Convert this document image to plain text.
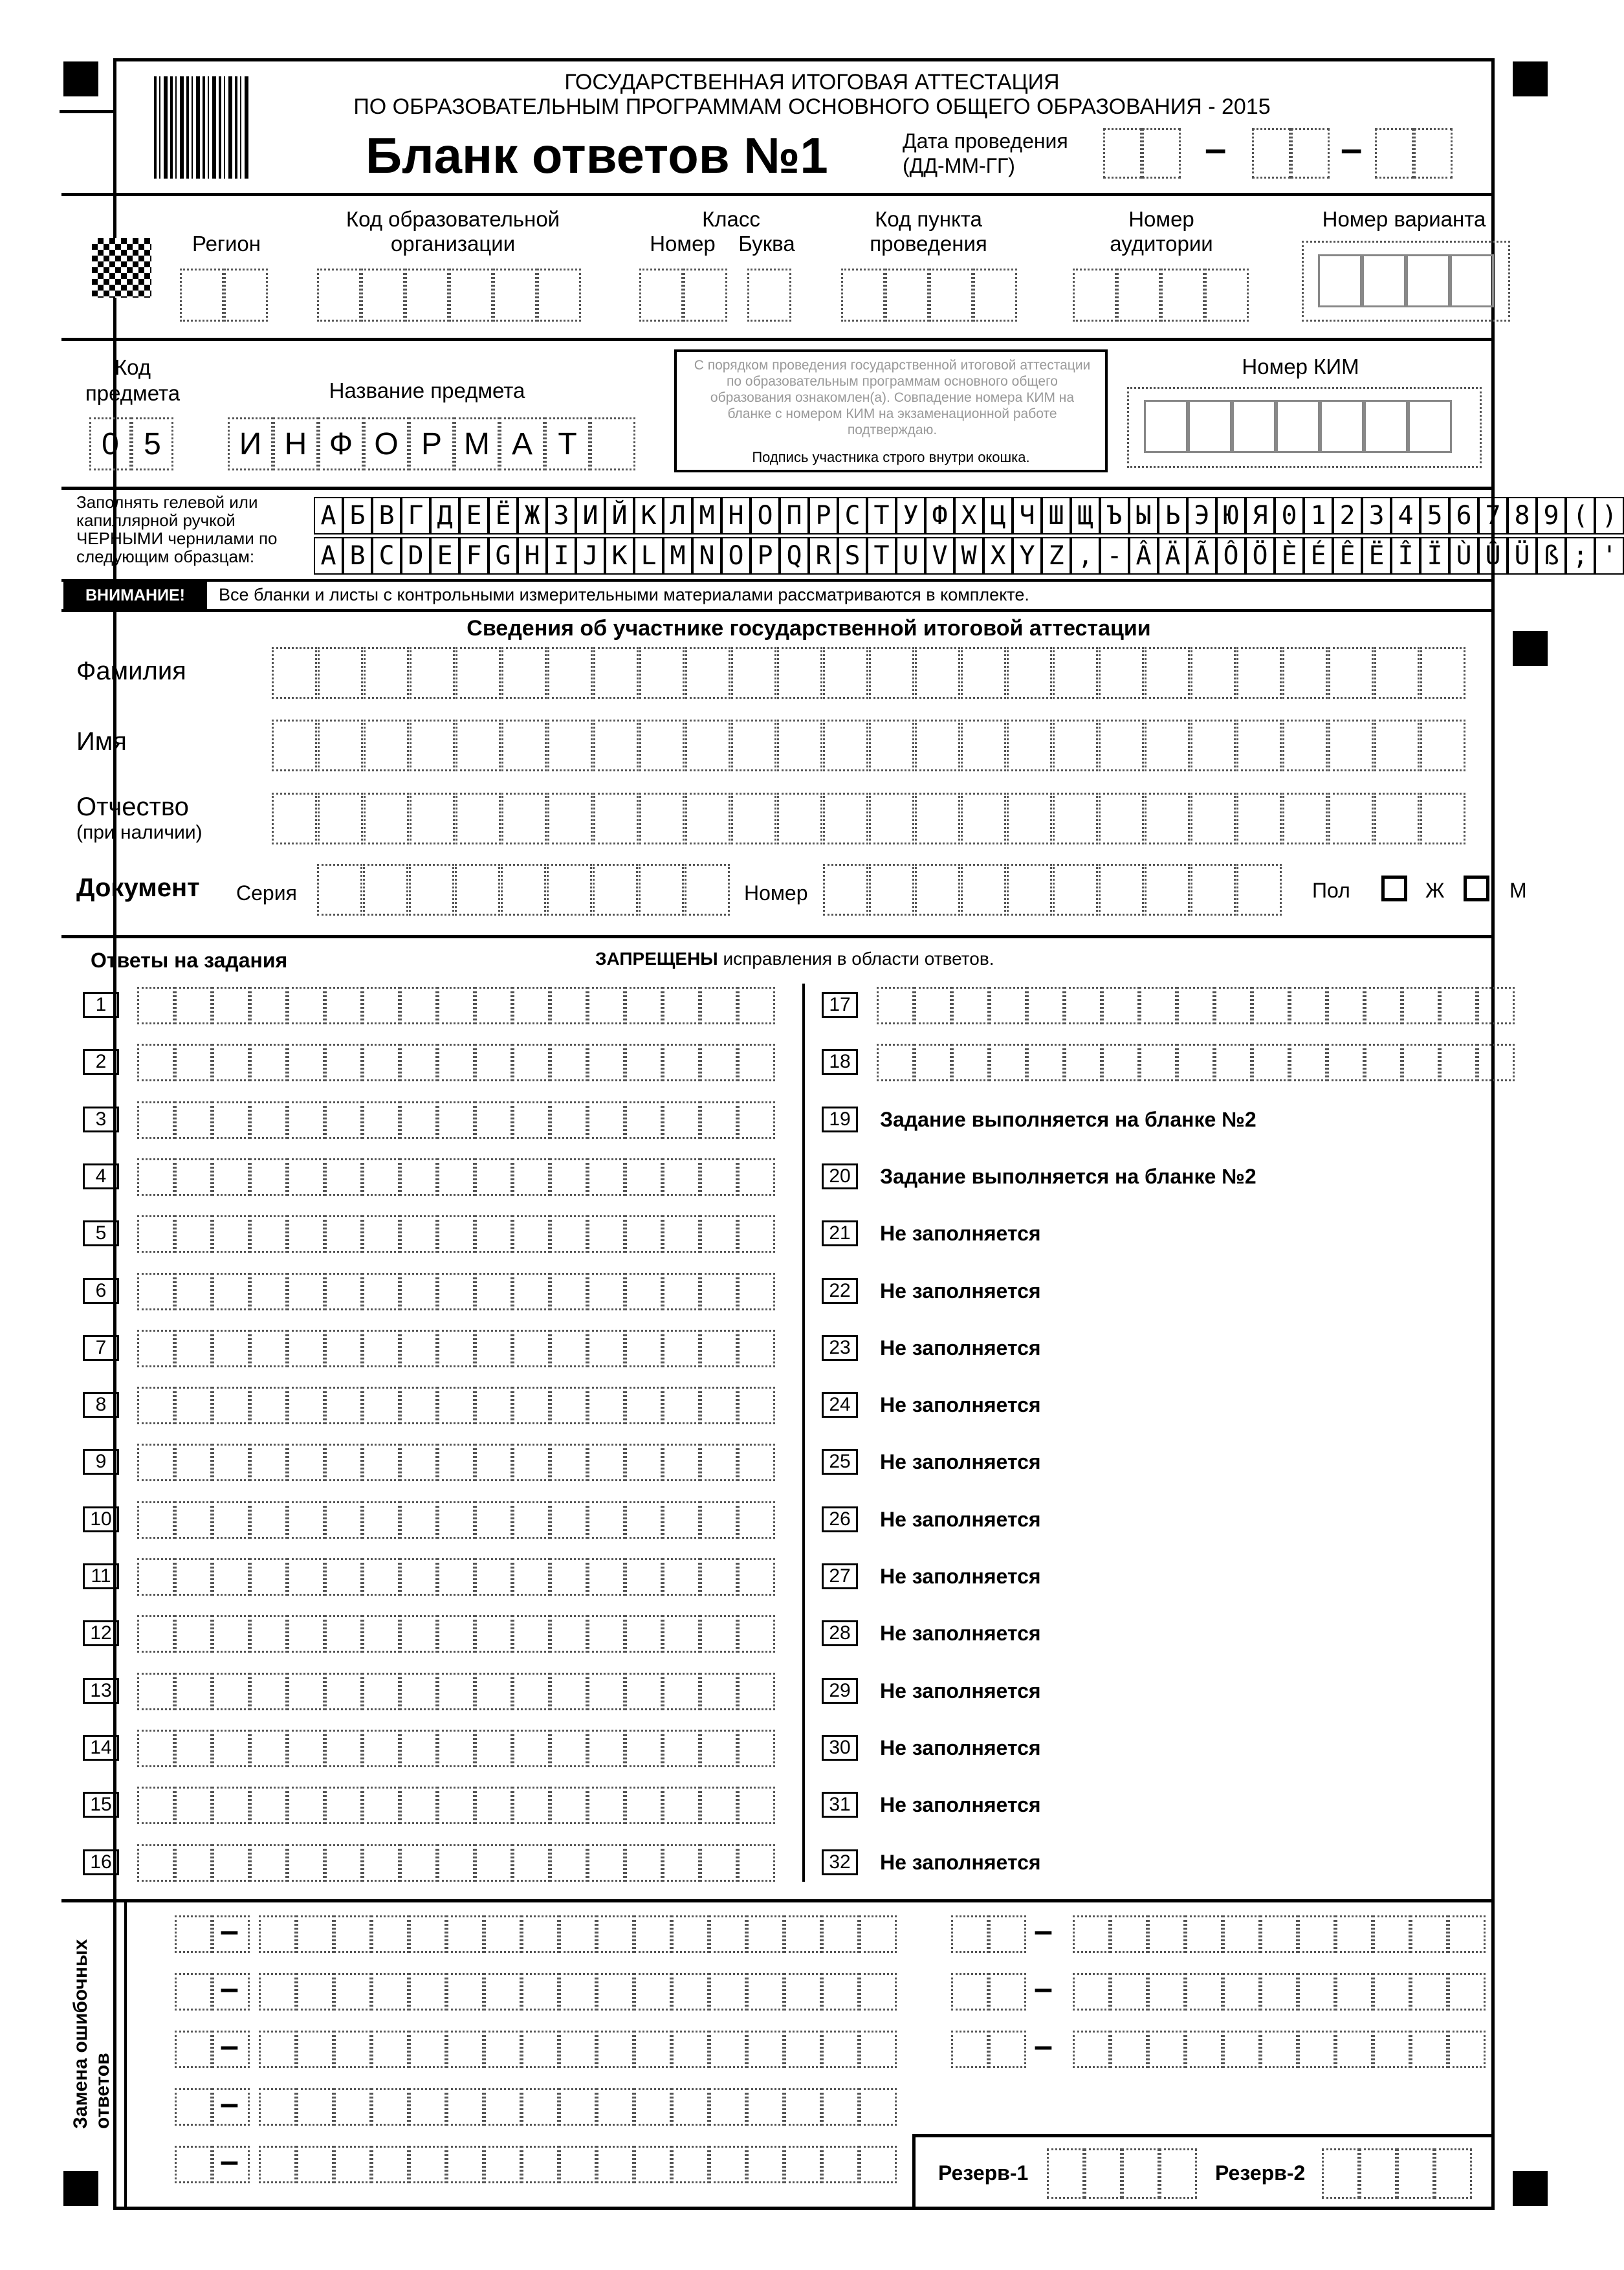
ГОСУДАРСТВЕННАЯ ИТОГОВАЯ АТТЕСТАЦИЯ
ПО ОБРАЗОВАТЕЛЬНЫМ ПРОГРАММАМ ОСНОВНОГО ОБЩЕГО ОБРАЗОВАНИЯ - 2015
Бланк ответов №1	Дата проведения
(ДД-ММ-ГГ)	–	–
Регион
Код образовательной организации
Класс
Номер	Буква
Код пункта проведения
Номер аудитории
Номер варианта
Код предмета	Название предмета
0 5	И Н Ф О Р М А Т
С порядком проведения государственной итоговой аттестации по образовательным программам основного общего образования ознакомлен(а). Совпадение номера КИМ на бланке с номером КИМ на экзаменационной работе подтверждаю.
Подпись участника строго внутри окошка.
Номер КИМ
Заполнять гелевой или капиллярной ручкой ЧЕРНЫМИ чернилами по следующим образцам:
А Б В Г Д Е Ё Ж З И Й К Л М Н О П Р С Т У Ф Х Ц Ч Ш Щ Ъ Ы Ь Э Ю Я 0 1 2 3 4 5 6 7 8 9 ( )
A B C D E F G H I J K L M N O P Q R S T U V W X Y Z , - Â Ä Ã Ô Ö È É Ê Ë Î Ï Ù Û Ü ß ; '
ВНИМАНИЕ!	Все бланки и листы с контрольными измерительными материалами рассматриваются в комплекте.
Сведения об участнике государственной итоговой аттестации
Фамилия
Имя
Отчество
(при наличии)
Документ Серия	Номер	Пол	Ж	М
Ответы на задания	ЗАПРЕЩЕНЫ исправления в области ответов.
1
2
3
4
5
6
7
8
9
10
11
12
13
14
15
16
17
18
19	Задание выполняется на бланке №2
20	Задание выполняется на бланке №2
21	Не заполняется
22	Не заполняется
23	Не заполняется
24	Не заполняется
25	Не заполняется
26	Не заполняется
27	Не заполняется
28	Не заполняется
29	Не заполняется
30	Не заполняется
31	Не заполняется
32	Не заполняется
Замена ошибочных ответов
–	–
–	–
–	–
–
–	Резерв-1	Резерв-2
